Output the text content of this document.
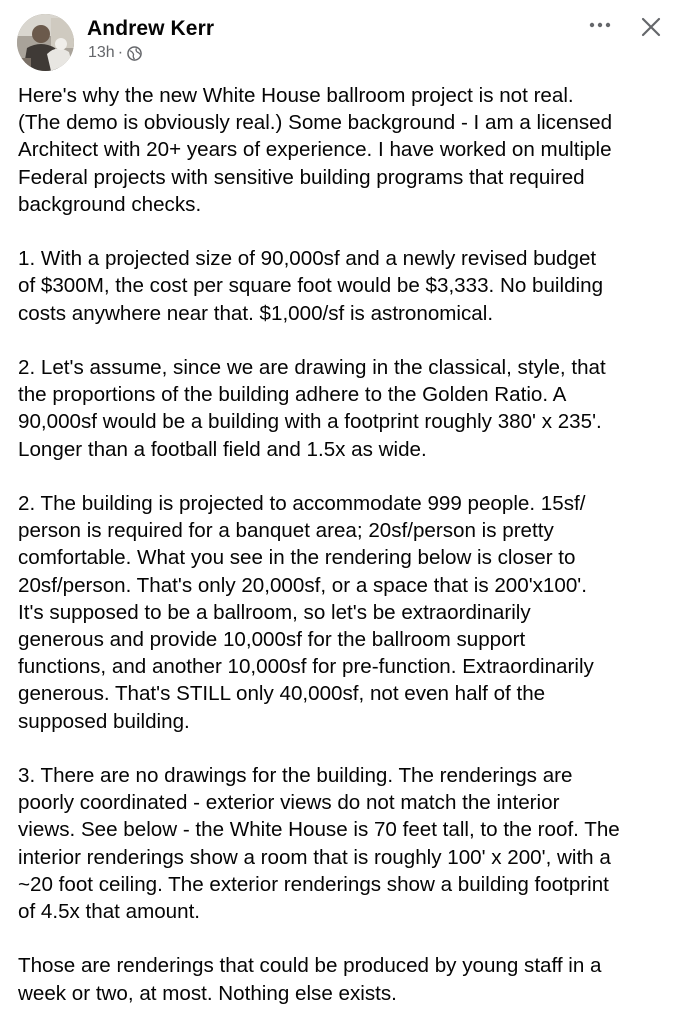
Andrew Kerr
13h ·

Here's why the new White House ballroom project is not real.
(The demo is obviously real.) Some background - I am a licensed
Architect with 20+ years of experience. I have worked on multiple
Federal projects with sensitive building programs that required
background checks.

1. With a projected size of 90,000sf and a newly revised budget
of $300M, the cost per square foot would be $3,333. No building
costs anywhere near that. $1,000/sf is astronomical.

2. Let's assume, since we are drawing in the classical, style, that
the proportions of the building adhere to the Golden Ratio. A
90,000sf would be a building with a footprint roughly 380' x 235'.
Longer than a football field and 1.5x as wide.

2. The building is projected to accommodate 999 people. 15sf/
person is required for a banquet area; 20sf/person is pretty
comfortable. What you see in the rendering below is closer to
20sf/person. That's only 20,000sf, or a space that is 200'x100'.
It's supposed to be a ballroom, so let's be extraordinarily
generous and provide 10,000sf for the ballroom support
functions, and another 10,000sf for pre-function. Extraordinarily
generous. That's STILL only 40,000sf, not even half of the
supposed building.

3. There are no drawings for the building. The renderings are
poorly coordinated - exterior views do not match the interior
views. See below - the White House is 70 feet tall, to the roof. The
interior renderings show a room that is roughly 100' x 200', with a
~20 foot ceiling. The exterior renderings show a building footprint
of 4.5x that amount.

Those are renderings that could be produced by young staff in a
week or two, at most. Nothing else exists.
